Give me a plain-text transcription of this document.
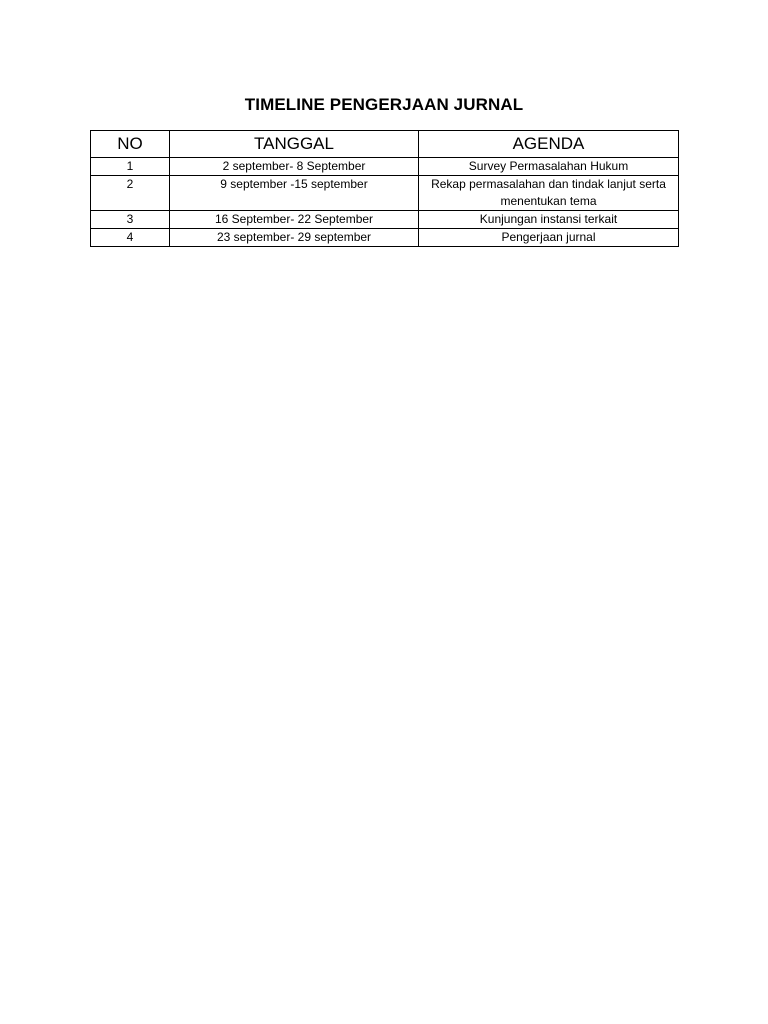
TIMELINE PENGERJAAN JURNAL
NO	TANGGAL	AGENDA
1	2 september- 8 September	Survey Permasalahan Hukum
2	9 september -15 september	Rekap permasalahan dan tindak lanjut serta menentukan tema
3	16 September- 22 September	Kunjungan instansi terkait
4	23 september- 29 september	Pengerjaan jurnal
